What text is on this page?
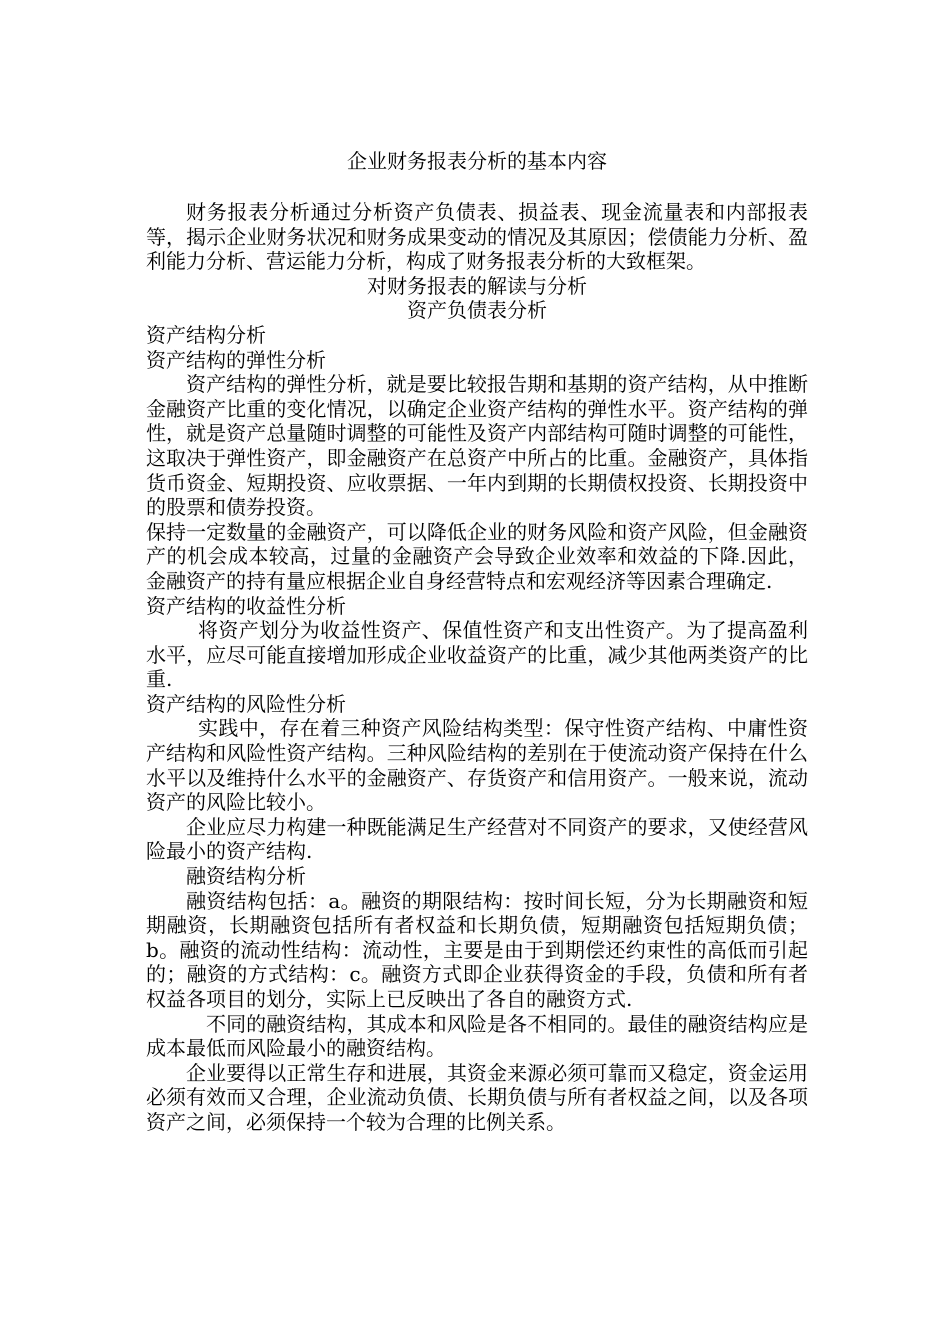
企业财务报表分析的基本内容

财务报表分析通过分析资产负债表、损益表、现金流量表和内部报表等，揭示企业财务状况和财务成果变动的情况及其原因；偿债能力分析、盈利能力分析、营运能力分析，构成了财务报表分析的大致框架。

对财务报表的解读与分析

资产负债表分析

资产结构分析

资产结构的弹性分析

资产结构的弹性分析，就是要比较报告期和基期的资产结构，从中推断金融资产比重的变化情况，以确定企业资产结构的弹性水平。资产结构的弹性，就是资产总量随时调整的可能性及资产内部结构可随时调整的可能性，这取决于弹性资产，即金融资产在总资产中所占的比重。金融资产，具体指货币资金、短期投资、应收票据、一年内到期的长期债权投资、长期投资中的股票和债券投资。

保持一定数量的金融资产，可以降低企业的财务风险和资产风险，但金融资产的机会成本较高，过量的金融资产会导致企业效率和效益的下降.因此，金融资产的持有量应根据企业自身经营特点和宏观经济等因素合理确定.

资产结构的收益性分析

将资产划分为收益性资产、保值性资产和支出性资产。为了提高盈利水平，应尽可能直接增加形成企业收益资产的比重，减少其他两类资产的比重.

资产结构的风险性分析

实践中，存在着三种资产风险结构类型：保守性资产结构、中庸性资产结构和风险性资产结构。三种风险结构的差别在于使流动资产保持在什么水平以及维持什么水平的金融资产、存货资产和信用资产。一般来说，流动资产的风险比较小。

企业应尽力构建一种既能满足生产经营对不同资产的要求，又使经营风险最小的资产结构.

融资结构分析

融资结构包括：a。融资的期限结构：按时间长短，分为长期融资和短期融资，长期融资包括所有者权益和长期负债，短期融资包括短期负债；b。融资的流动性结构：流动性，主要是由于到期偿还约束性的高低而引起的；融资的方式结构：c。融资方式即企业获得资金的手段，负债和所有者权益各项目的划分，实际上已反映出了各自的融资方式.

不同的融资结构，其成本和风险是各不相同的。最佳的融资结构应是成本最低而风险最小的融资结构。

企业要得以正常生存和进展，其资金来源必须可靠而又稳定，资金运用必须有效而又合理，企业流动负债、长期负债与所有者权益之间，以及各项资产之间，必须保持一个较为合理的比例关系。
